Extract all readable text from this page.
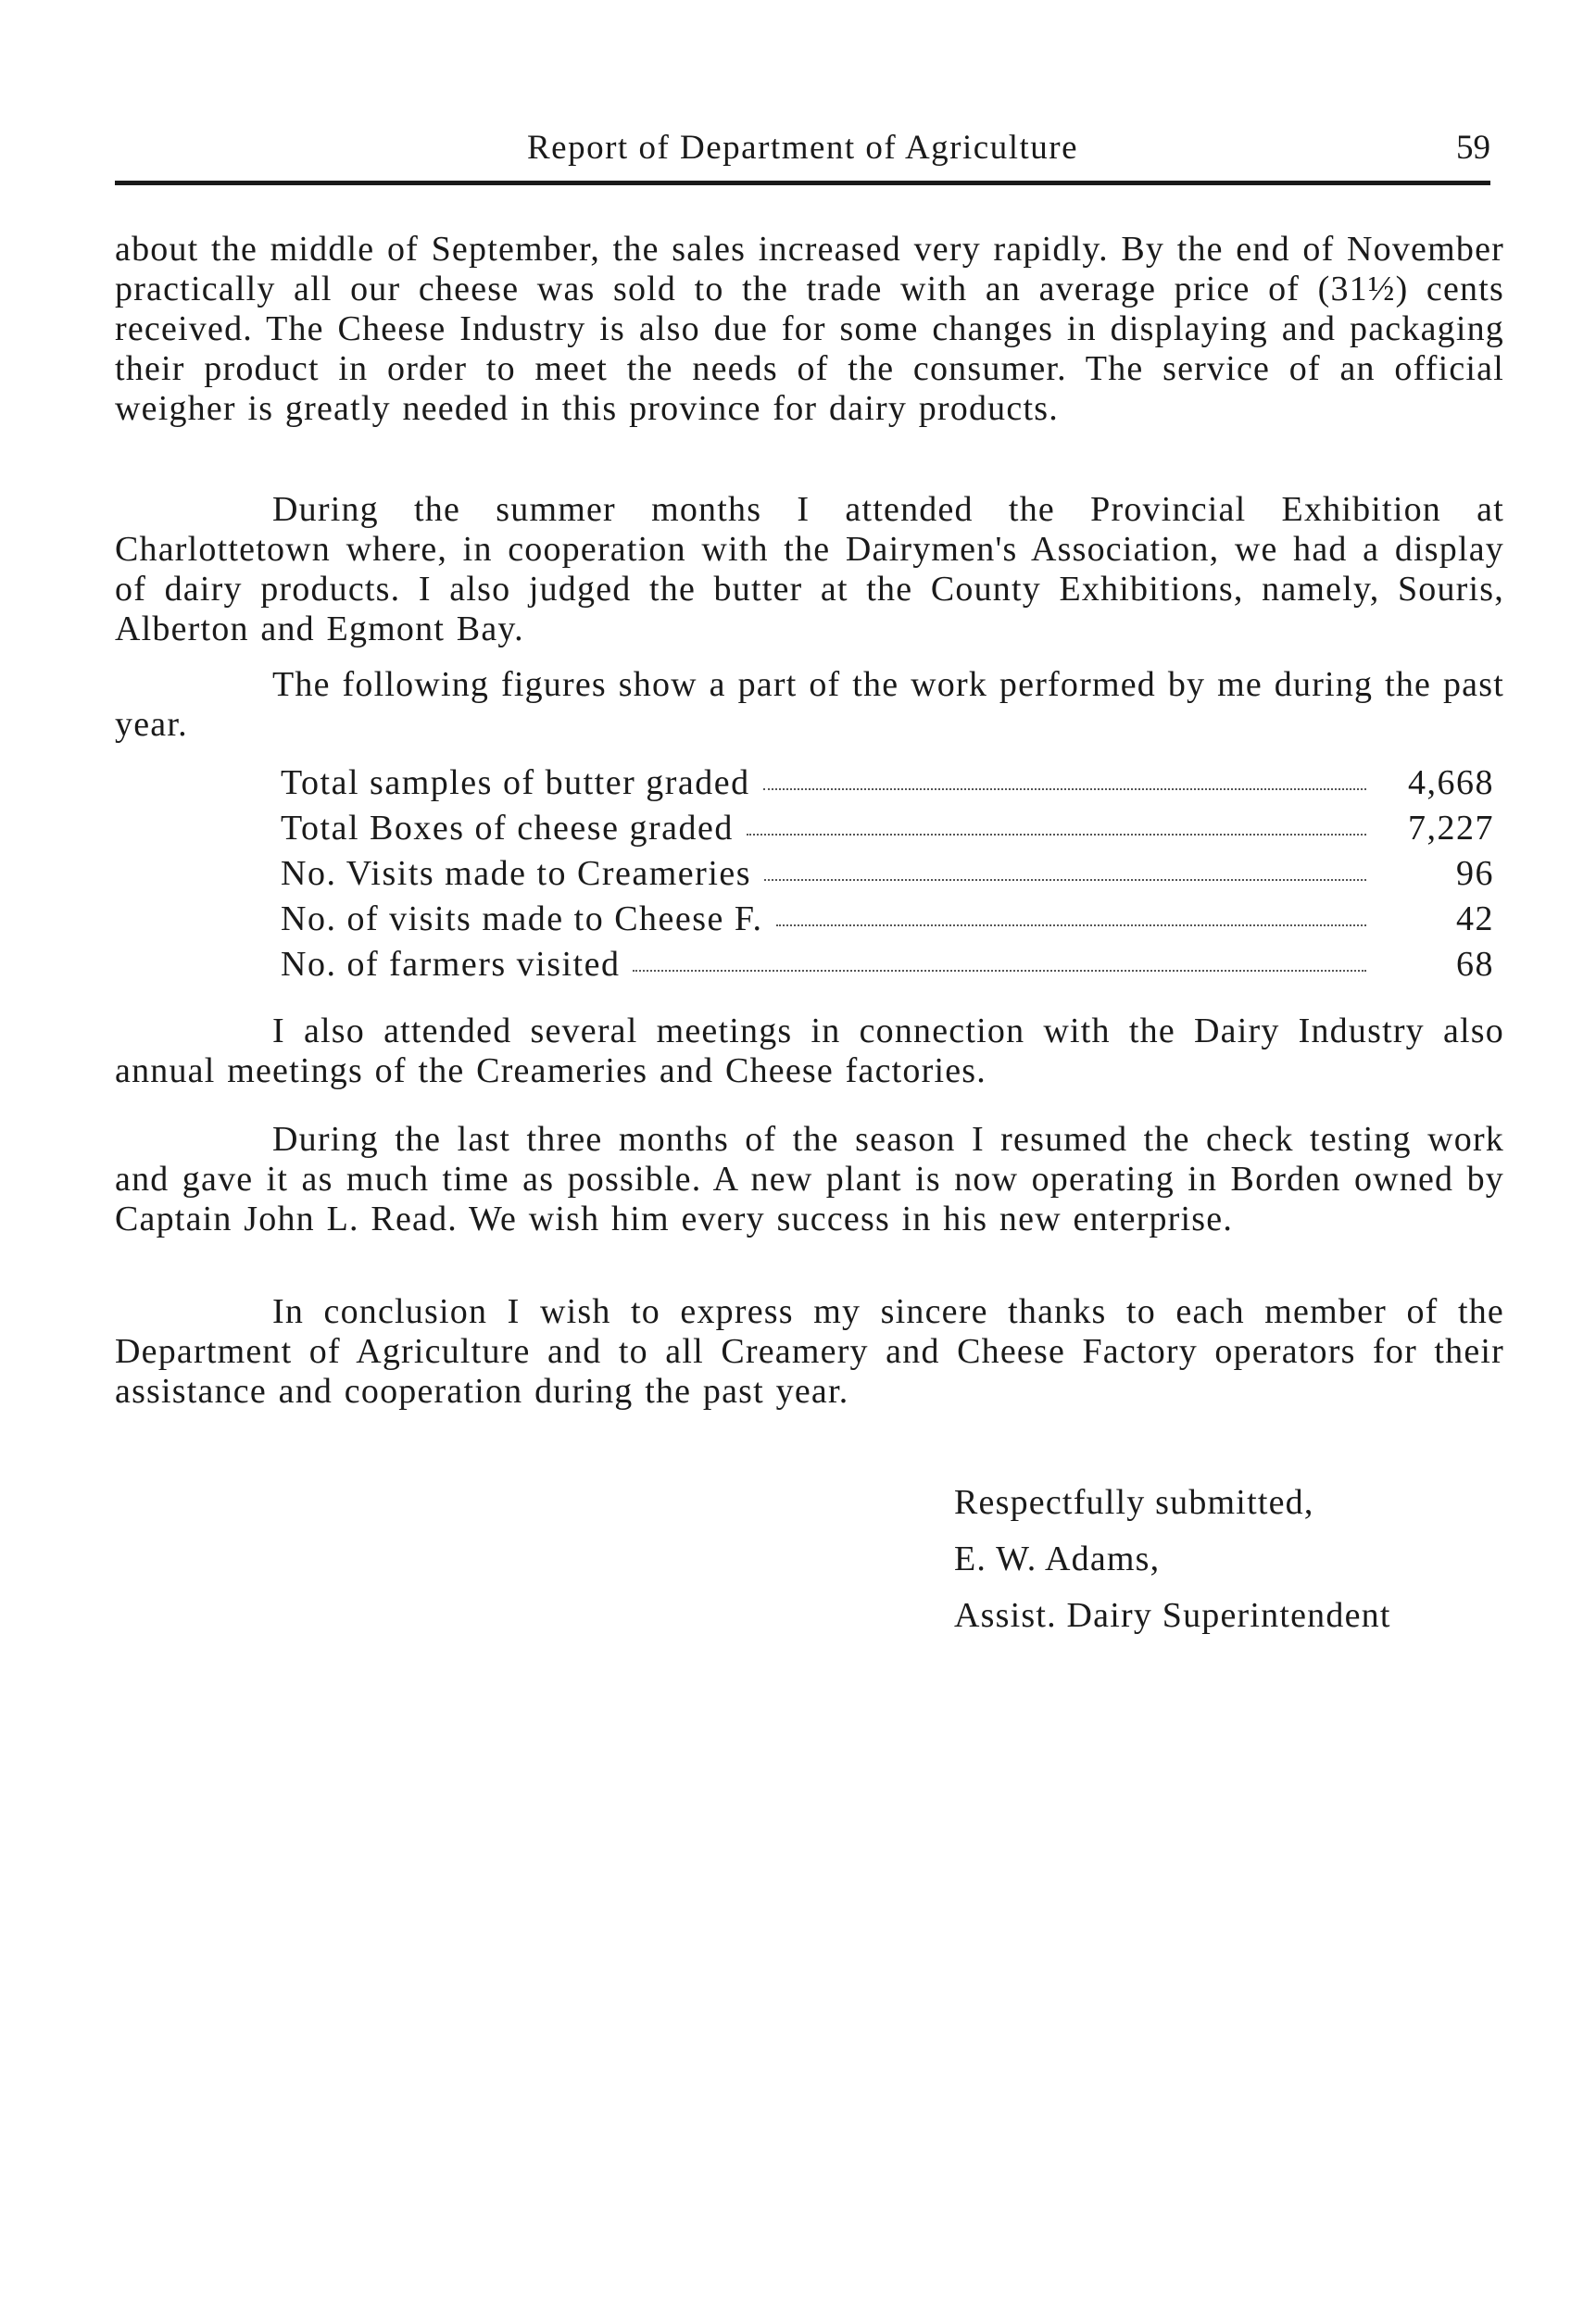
Report of Department of Agriculture	59

about the middle of September, the sales increased very rapidly. By the end of November practically all our cheese was sold to the trade with an average price of (31½) cents received. The Cheese Industry is also due for some changes in displaying and packaging their product in order to meet the needs of the consumer. The service of an official weigher is greatly needed in this province for dairy products.

During the summer months I attended the Provincial Exhibition at Charlottetown where, in cooperation with the Dairymen's Association, we had a display of dairy products. I also judged the butter at the County Exhibitions, namely, Souris, Alberton and Egmont Bay.

The following figures show a part of the work performed by me during the past year.

Total samples of butter graded	4,668
Total Boxes of cheese graded	7,227
No. Visits made to Creameries	96
No. of visits made to Cheese F.	42
No. of farmers visited	68

I also attended several meetings in connection with the Dairy Industry also annual meetings of the Creameries and Cheese factories.

During the last three months of the season I resumed the check testing work and gave it as much time as possible. A new plant is now operating in Borden owned by Captain John L. Read. We wish him every success in his new enterprise.

In conclusion I wish to express my sincere thanks to each member of the Department of Agriculture and to all Creamery and Cheese Factory operators for their assistance and cooperation during the past year.

Respectfully submitted,
E. W. Adams,
Assist. Dairy Superintendent
